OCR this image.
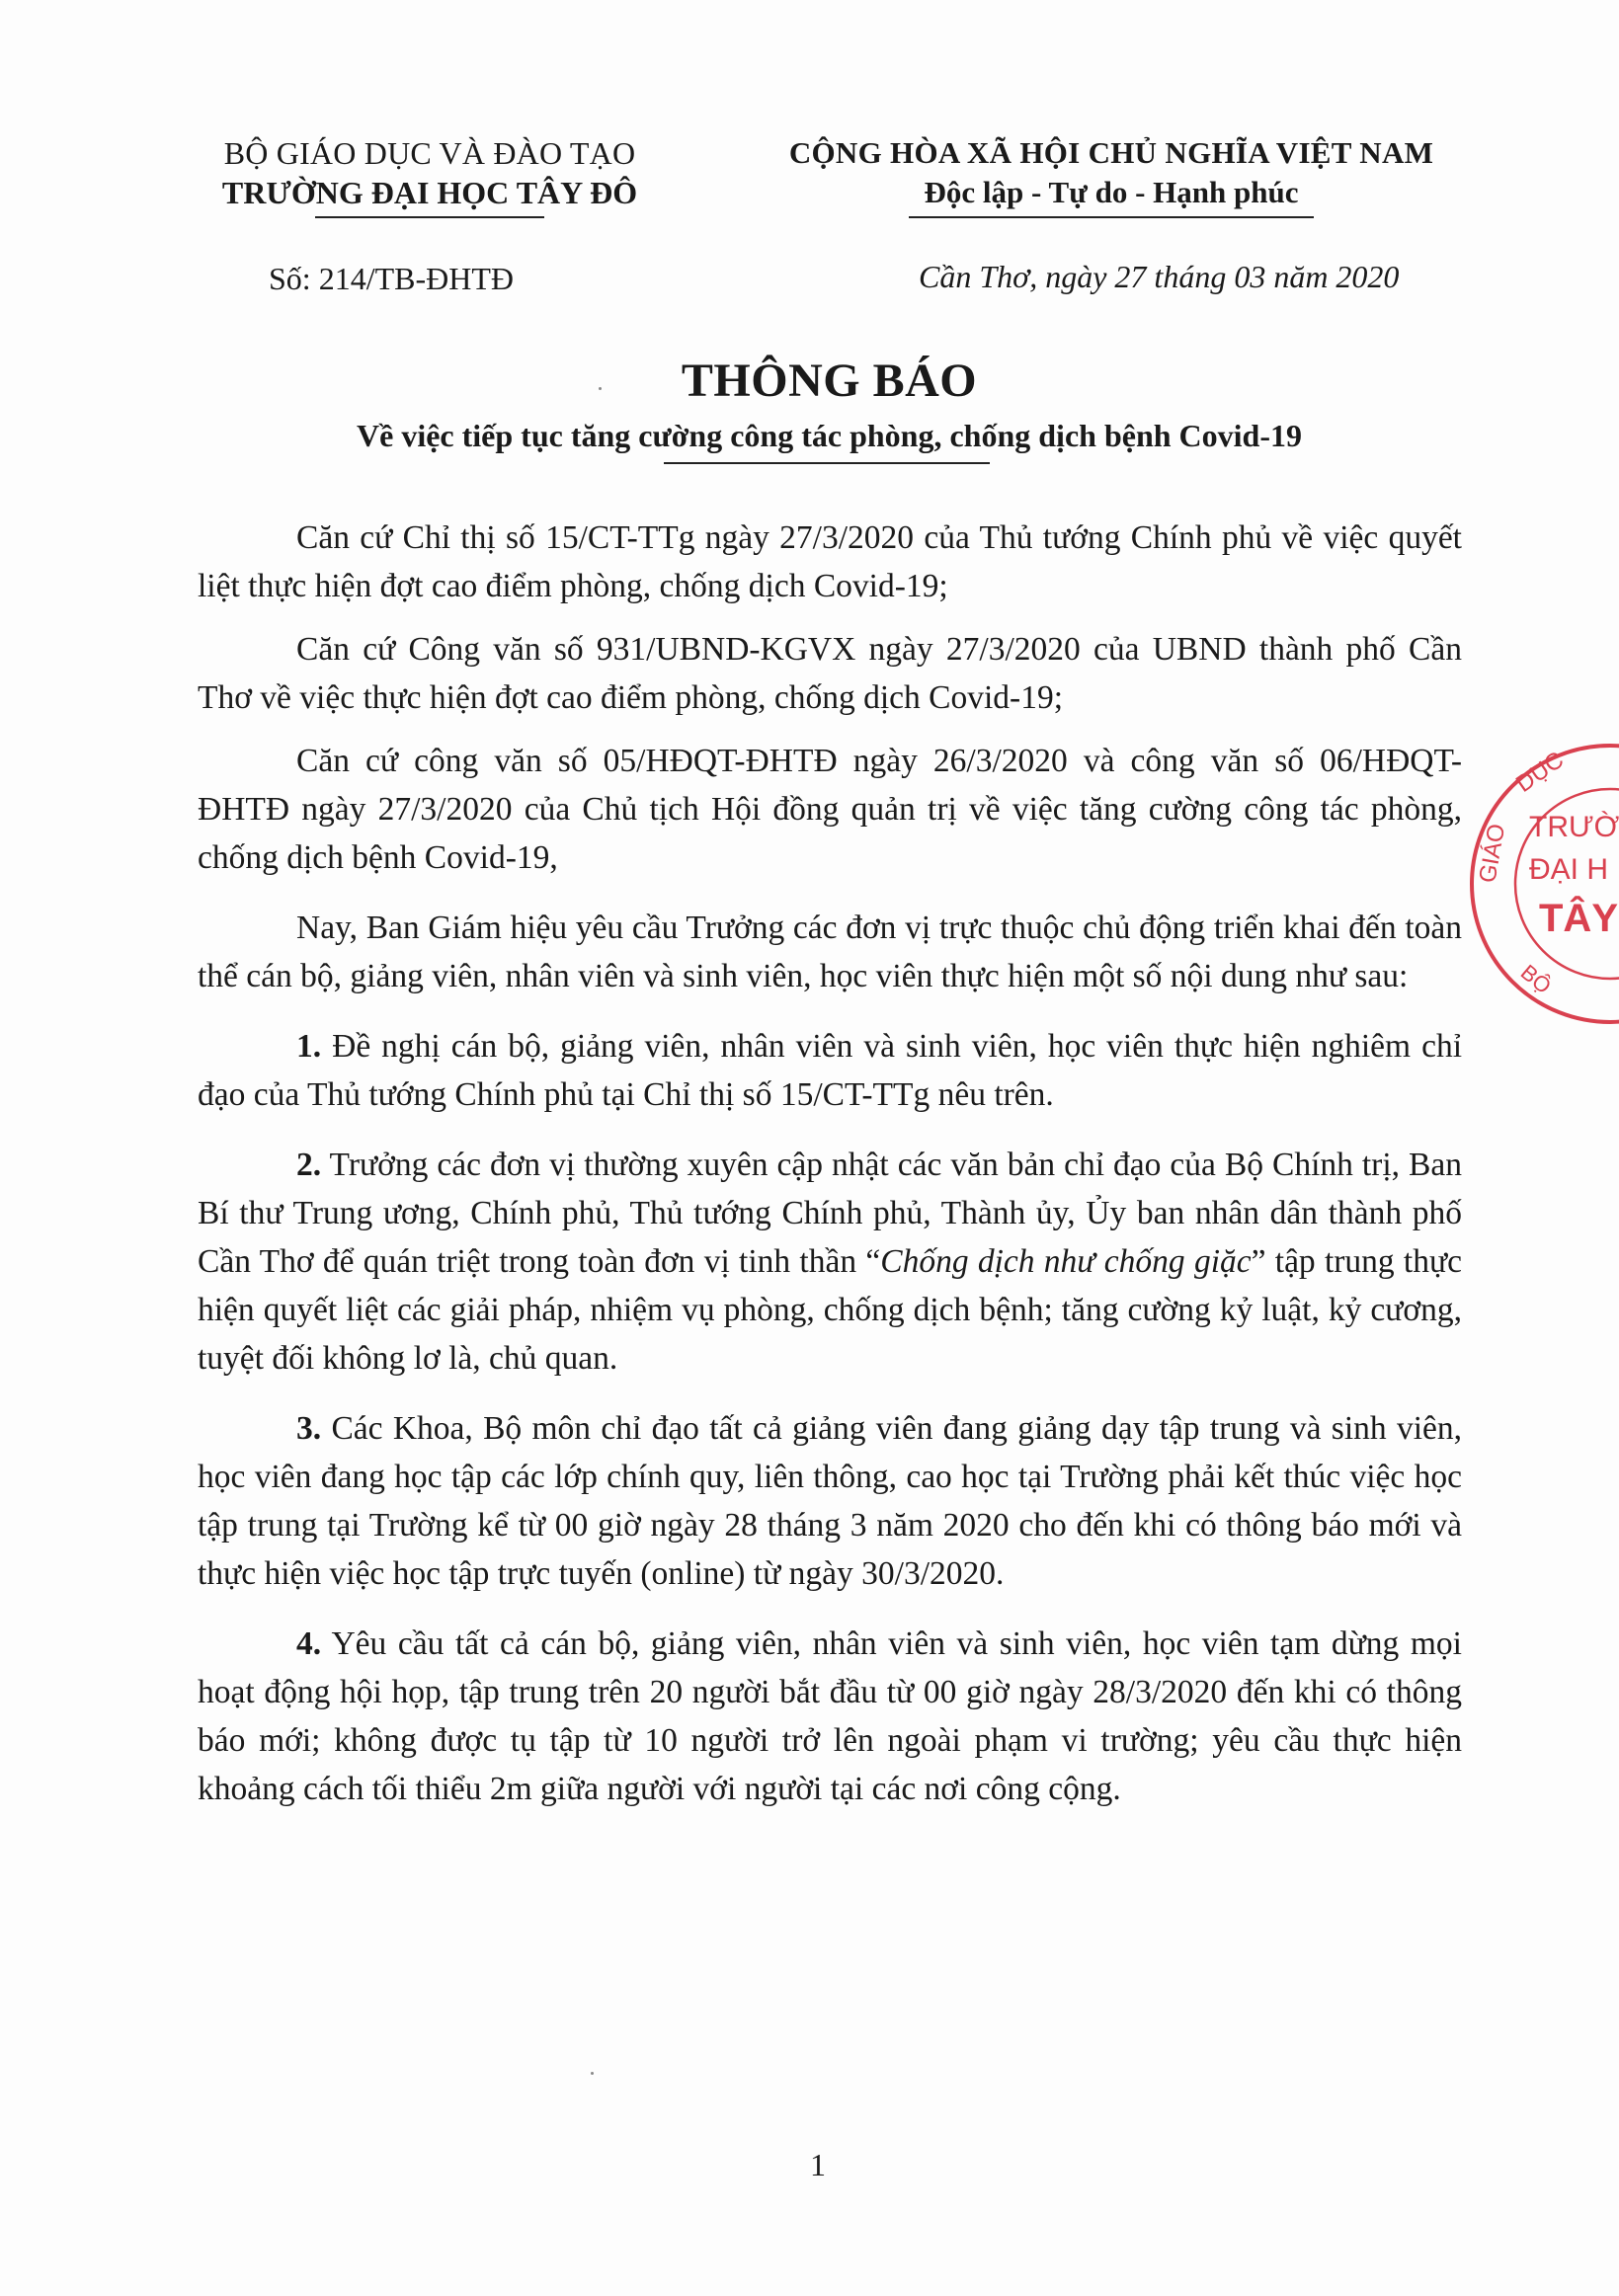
BỘ GIÁO DỤC VÀ ĐÀO TẠO
TRƯỜNG ĐẠI HỌC TÂY ĐÔ
CỘNG HÒA XÃ HỘI CHỦ NGHĨA VIỆT NAM
Độc lập - Tự do - Hạnh phúc
Số: 214/TB-ĐHTĐ	Cần Thơ, ngày 27 tháng 03 năm 2020
THÔNG BÁO
Về việc tiếp tục tăng cường công tác phòng, chống dịch bệnh Covid-19

Căn cứ Chỉ thị số 15/CT-TTg ngày 27/3/2020 của Thủ tướng Chính phủ về việc quyết liệt thực hiện đợt cao điểm phòng, chống dịch Covid-19;

Căn cứ Công văn số 931/UBND-KGVX ngày 27/3/2020 của UBND thành phố Cần Thơ về việc thực hiện đợt cao điểm phòng, chống dịch Covid-19;

Căn cứ công văn số 05/HĐQT-ĐHTĐ ngày 26/3/2020 và công văn số 06/HĐQT-ĐHTĐ ngày 27/3/2020 của Chủ tịch Hội đồng quản trị về việc tăng cường công tác phòng, chống dịch bệnh Covid-19,

Nay, Ban Giám hiệu yêu cầu Trưởng các đơn vị trực thuộc chủ động triển khai đến toàn thể cán bộ, giảng viên, nhân viên và sinh viên, học viên thực hiện một số nội dung như sau:

1. Đề nghị cán bộ, giảng viên, nhân viên và sinh viên, học viên thực hiện nghiêm chỉ đạo của Thủ tướng Chính phủ tại Chỉ thị số 15/CT-TTg nêu trên.

2. Trưởng các đơn vị thường xuyên cập nhật các văn bản chỉ đạo của Bộ Chính trị, Ban Bí thư Trung ương, Chính phủ, Thủ tướng Chính phủ, Thành ủy, Ủy ban nhân dân thành phố Cần Thơ để quán triệt trong toàn đơn vị tinh thần “Chống dịch như chống giặc” tập trung thực hiện quyết liệt các giải pháp, nhiệm vụ phòng, chống dịch bệnh; tăng cường kỷ luật, kỷ cương, tuyệt đối không lơ là, chủ quan.

3. Các Khoa, Bộ môn chỉ đạo tất cả giảng viên đang giảng dạy tập trung và sinh viên, học viên đang học tập các lớp chính quy, liên thông, cao học tại Trường phải kết thúc việc học tập trung tại Trường kể từ 00 giờ ngày 28 tháng 3 năm 2020 cho đến khi có thông báo mới và thực hiện việc học tập trực tuyến (online) từ ngày 30/3/2020.

4. Yêu cầu tất cả cán bộ, giảng viên, nhân viên và sinh viên, học viên tạm dừng mọi hoạt động hội họp, tập trung trên 20 người bắt đầu từ 00 giờ ngày 28/3/2020 đến khi có thông báo mới; không được tụ tập từ 10 người trở lên ngoài phạm vi trường; yêu cầu thực hiện khoảng cách tối thiểu 2m giữa người với người tại các nơi công cộng.

1
GIÁO
DỤC
TRƯỜ
ĐẠI H
TÂY
BỘ
